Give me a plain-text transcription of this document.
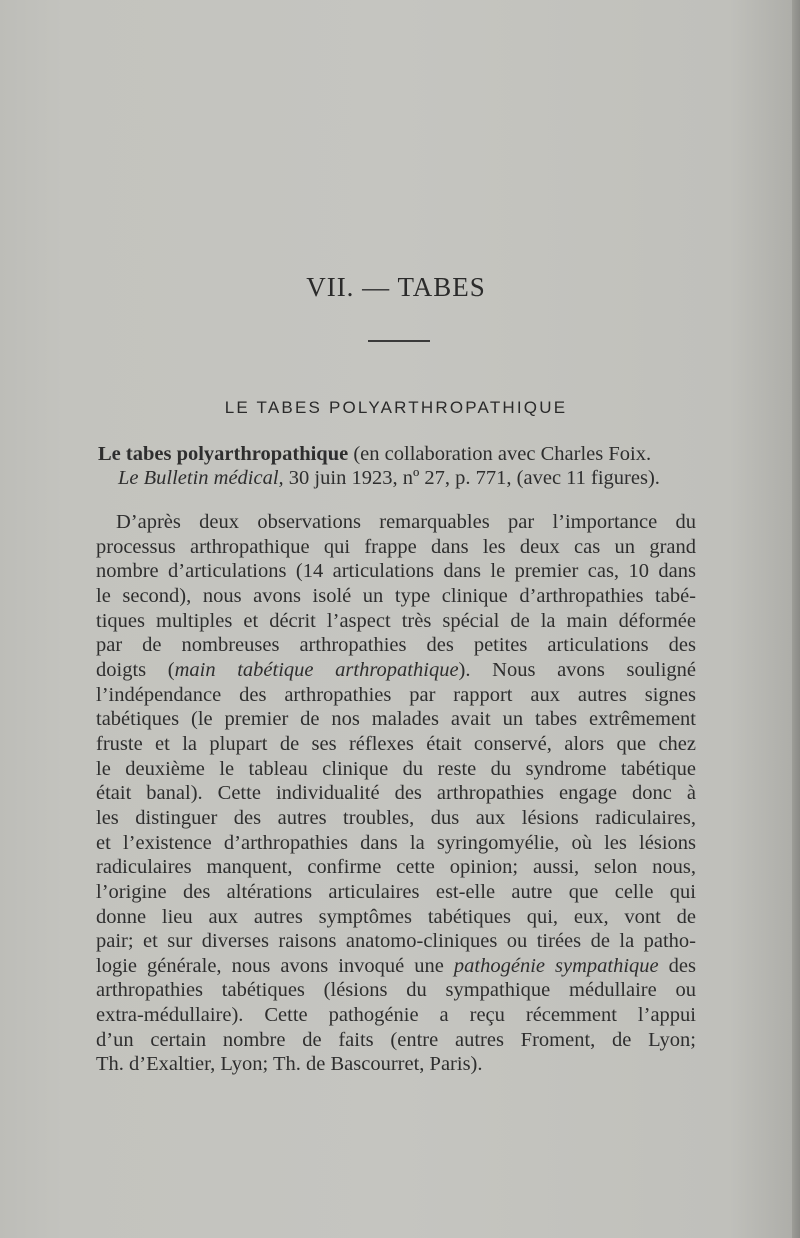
VII. — TABES
LE TABES POLYARTHROPATHIQUE
Le tabes polyarthropathique (en collaboration avec Charles Foix.
Le Bulletin médical, 30 juin 1923, nº 27, p. 771, (avec 11 figures).
D’après deux observations remarquables par l’importance du
processus arthropathique qui frappe dans les deux cas un grand
nombre d’articulations (14 articulations dans le premier cas, 10 dans
le second), nous avons isolé un type clinique d’arthropathies tabé-
tiques multiples et décrit l’aspect très spécial de la main déformée
par de nombreuses arthropathies des petites articulations des
doigts (main tabétique arthropathique). Nous avons souligné
l’indépendance des arthropathies par rapport aux autres signes
tabétiques (le premier de nos malades avait un tabes extrêmement
fruste et la plupart de ses réflexes était conservé, alors que chez
le deuxième le tableau clinique du reste du syndrome tabétique
était banal). Cette individualité des arthropathies engage donc à
les distinguer des autres troubles, dus aux lésions radiculaires,
et l’existence d’arthropathies dans la syringomyélie, où les lésions
radiculaires manquent, confirme cette opinion; aussi, selon nous,
l’origine des altérations articulaires est-elle autre que celle qui
donne lieu aux autres symptômes tabétiques qui, eux, vont de
pair; et sur diverses raisons anatomo-cliniques ou tirées de la patho-
logie générale, nous avons invoqué une pathogénie sympathique des
arthropathies tabétiques (lésions du sympathique médullaire ou
extra-médullaire). Cette pathogénie a reçu récemment l’appui
d’un certain nombre de faits (entre autres Froment, de Lyon;
Th. d’Exaltier, Lyon; Th. de Bascourret, Paris).
